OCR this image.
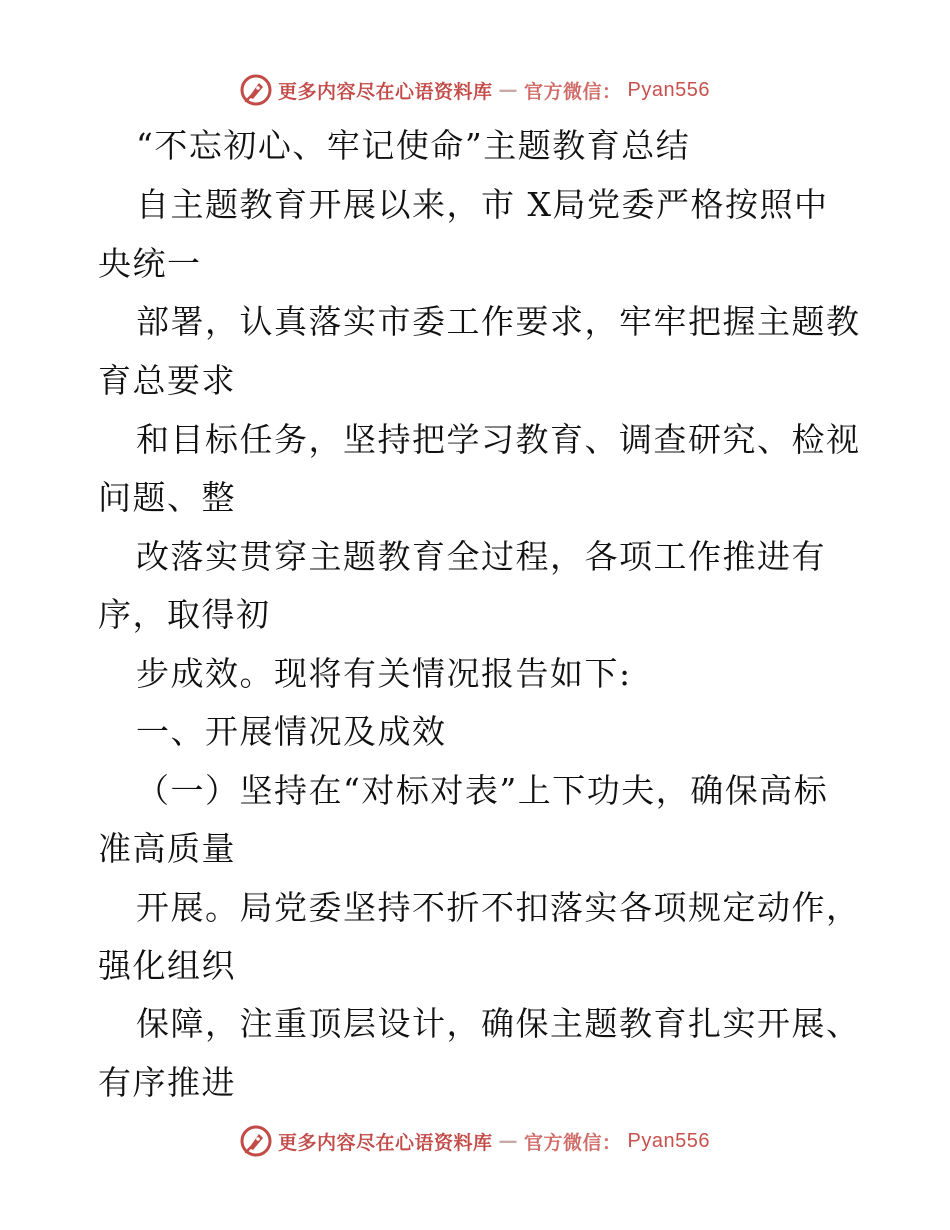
更多内容尽在心语资料库 — 官方微信： Pyan556
“不忘初心、牢记使命”主题教育总结
自主题教育开展以来，市 X局党委严格按照中
央统一
部署，认真落实市委工作要求，牢牢把握主题教
育总要求
和目标任务，坚持把学习教育、调查研究、检视
问题、整
改落实贯穿主题教育全过程，各项工作推进有
序，取得初
步成效。现将有关情况报告如下:
一、开展情况及成效
（一）坚持在“对标对表”上下功夫，确保高标
准高质量
开展。局党委坚持不折不扣落实各项规定动作，
强化组织
保障，注重顶层设计，确保主题教育扎实开展、
有序推进
更多内容尽在心语资料库 — 官方微信： Pyan556
